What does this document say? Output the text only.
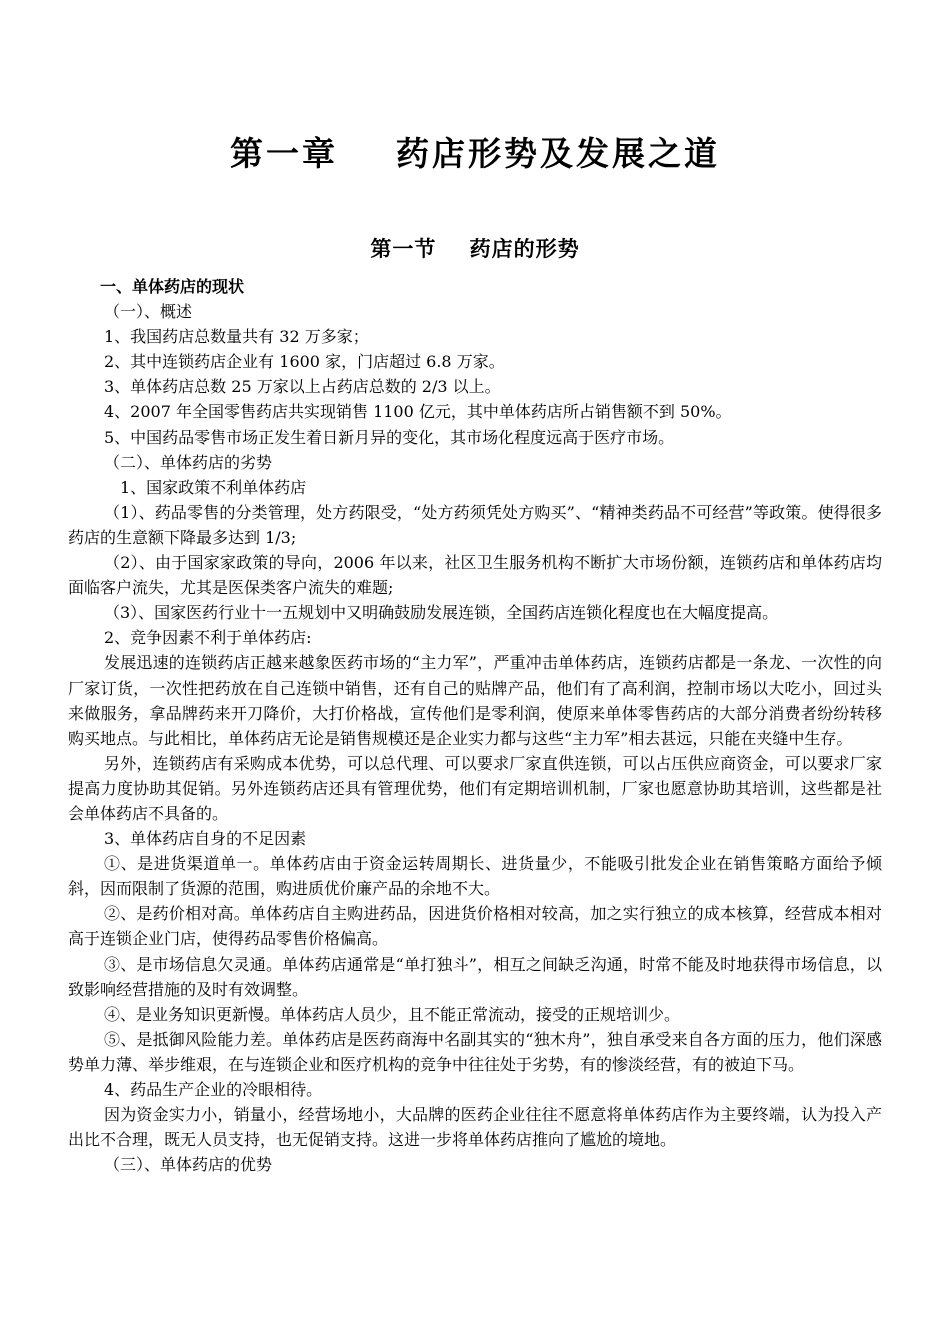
第一章    药店形势及发展之道
第一节    药店的形势

一、单体药店的现状

（一）、概述

1、我国药店总数量共有 32 万多家；

2、其中连锁药店企业有 1600 家，门店超过 6.8 万家。

3、单体药店总数 25 万家以上占药店总数的 2/3 以上。

4、2007 年全国零售药店共实现销售 1100 亿元，其中单体药店所占销售额不到 50%。

5、中国药品零售市场正发生着日新月异的变化，其市场化程度远高于医疗市场。

（二）、单体药店的劣势

1、国家政策不利单体药店

（1）、药品零售的分类管理，处方药限受，“处方药须凭处方购买”、“精神类药品不可经营”等政策。使得很多药店的生意额下降最多达到 1/3;

（2）、由于国家家政策的导向，2006 年以来，社区卫生服务机构不断扩大市场份额，连锁药店和单体药店均面临客户流失，尤其是医保类客户流失的难题;

（3）、国家医药行业十一五规划中又明确鼓励发展连锁，全国药店连锁化程度也在大幅度提高。

2、竞争因素不利于单体药店:

发展迅速的连锁药店正越来越象医药市场的“主力军”，严重冲击单体药店，连锁药店都是一条龙、一次性的向厂家订货，一次性把药放在自己连锁中销售，还有自己的贴牌产品，他们有了高利润，控制市场以大吃小，回过头来做服务，拿品牌药来开刀降价，大打价格战，宣传他们是零利润，使原来单体零售药店的大部分消费者纷纷转移购买地点。与此相比，单体药店无论是销售规模还是企业实力都与这些“主力军”相去甚远，只能在夹缝中生存。

另外，连锁药店有采购成本优势，可以总代理、可以要求厂家直供连锁，可以占压供应商资金，可以要求厂家提高力度协助其促销。另外连锁药店还具有管理优势，他们有定期培训机制，厂家也愿意协助其培训，这些都是社会单体药店不具备的。

3、单体药店自身的不足因素

①、是进货渠道单一。单体药店由于资金运转周期长、进货量少，不能吸引批发企业在销售策略方面给予倾斜，因而限制了货源的范围，购进质优价廉产品的余地不大。

②、是药价相对高。单体药店自主购进药品，因进货价格相对较高，加之实行独立的成本核算，经营成本相对高于连锁企业门店，使得药品零售价格偏高。

③、是市场信息欠灵通。单体药店通常是“单打独斗”，相互之间缺乏沟通，时常不能及时地获得市场信息，以致影响经营措施的及时有效调整。

④、是业务知识更新慢。单体药店人员少，且不能正常流动，接受的正规培训少。

⑤、是抵御风险能力差。单体药店是医药商海中名副其实的“独木舟”，独自承受来自各方面的压力，他们深感势单力薄、举步维艰，在与连锁企业和医疗机构的竞争中往往处于劣势，有的惨淡经营，有的被迫下马。

4、药品生产企业的冷眼相待。

因为资金实力小，销量小，经营场地小，大品牌的医药企业往往不愿意将单体药店作为主要终端，认为投入产出比不合理，既无人员支持，也无促销支持。这进一步将单体药店推向了尴尬的境地。

（三）、单体药店的优势
